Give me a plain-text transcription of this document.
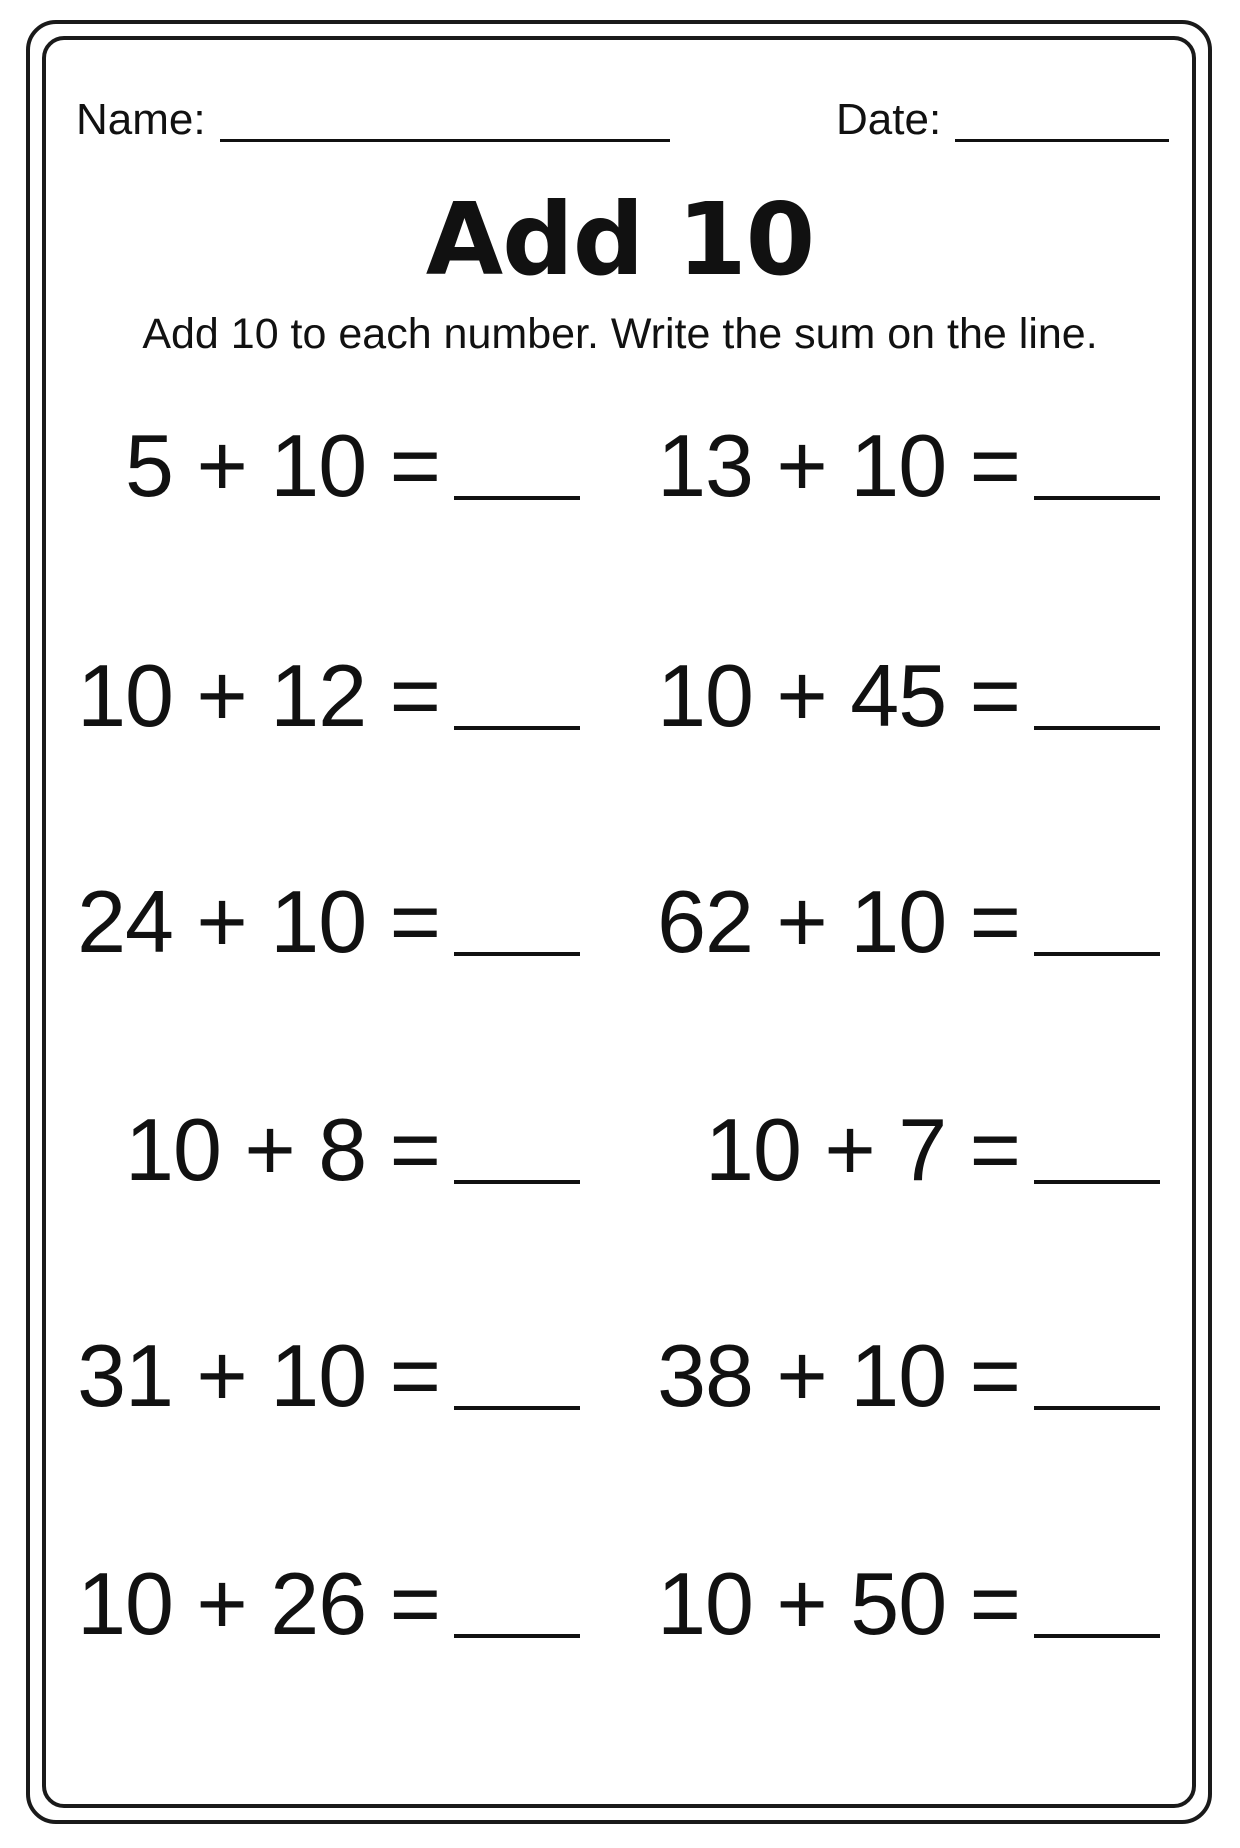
Name:	Date:
Add 10
Add 10 to each number. Write the sum on the line.
5 + 10 = 13 + 10 =
10 + 12 = 10 + 45 =
24 + 10 = 62 + 10 =
10 + 8 =	10 + 7 =
31 + 10 = 38 + 10 =
10 + 26 = 10 + 50 =
